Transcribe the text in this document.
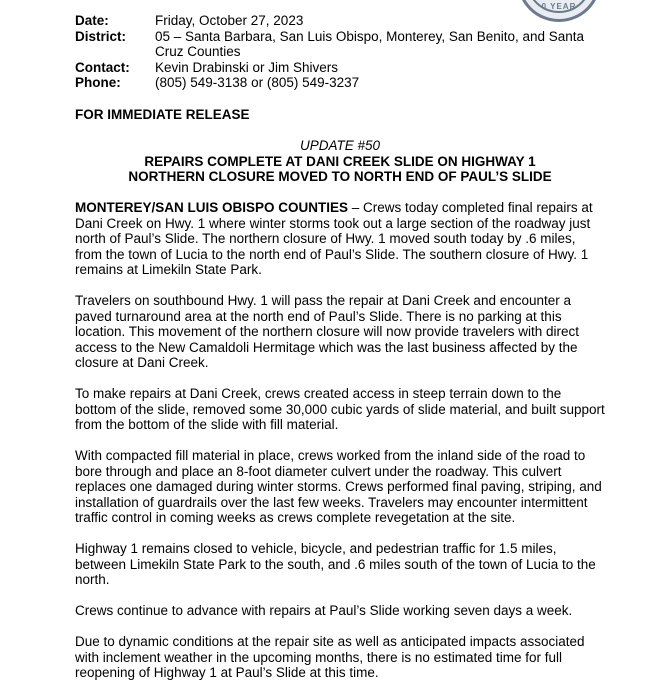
0 YEAR
Date:	Friday, October 27, 2023
District:	05 – Santa Barbara, San Luis Obispo, Monterey, San Benito, and Santa Cruz Counties
Contact:	Kevin Drabinski or Jim Shivers
Phone:	(805) 549-3138 or (805) 549-3237
FOR IMMEDIATE RELEASE
UPDATE #50
REPAIRS COMPLETE AT DANI CREEK SLIDE ON HIGHWAY 1
NORTHERN CLOSURE MOVED TO NORTH END OF PAUL’S SLIDE

MONTEREY/SAN LUIS OBISPO COUNTIES – Crews today completed final repairs at Dani Creek on Hwy. 1 where winter storms took out a large section of the roadway just north of Paul’s Slide. The northern closure of Hwy. 1 moved south today by .6 miles, from the town of Lucia to the north end of Paul’s Slide. The southern closure of Hwy. 1 remains at Limekiln State Park.

Travelers on southbound Hwy. 1 will pass the repair at Dani Creek and encounter a paved turnaround area at the north end of Paul’s Slide. There is no parking at this location. This movement of the northern closure will now provide travelers with direct access to the New Camaldoli Hermitage which was the last business affected by the closure at Dani Creek.

To make repairs at Dani Creek, crews created access in steep terrain down to the bottom of the slide, removed some 30,000 cubic yards of slide material, and built support from the bottom of the slide with fill material.

With compacted fill material in place, crews worked from the inland side of the road to bore through and place an 8-foot diameter culvert under the roadway. This culvert replaces one damaged during winter storms. Crews performed final paving, striping, and installation of guardrails over the last few weeks. Travelers may encounter intermittent traffic control in coming weeks as crews complete revegetation at the site.

Highway 1 remains closed to vehicle, bicycle, and pedestrian traffic for 1.5 miles, between Limekiln State Park to the south, and .6 miles south of the town of Lucia to the north.

Crews continue to advance with repairs at Paul’s Slide working seven days a week.

Due to dynamic conditions at the repair site as well as anticipated impacts associated with inclement weather in the upcoming months, there is no estimated time for full reopening of Highway 1 at Paul’s Slide at this time.
